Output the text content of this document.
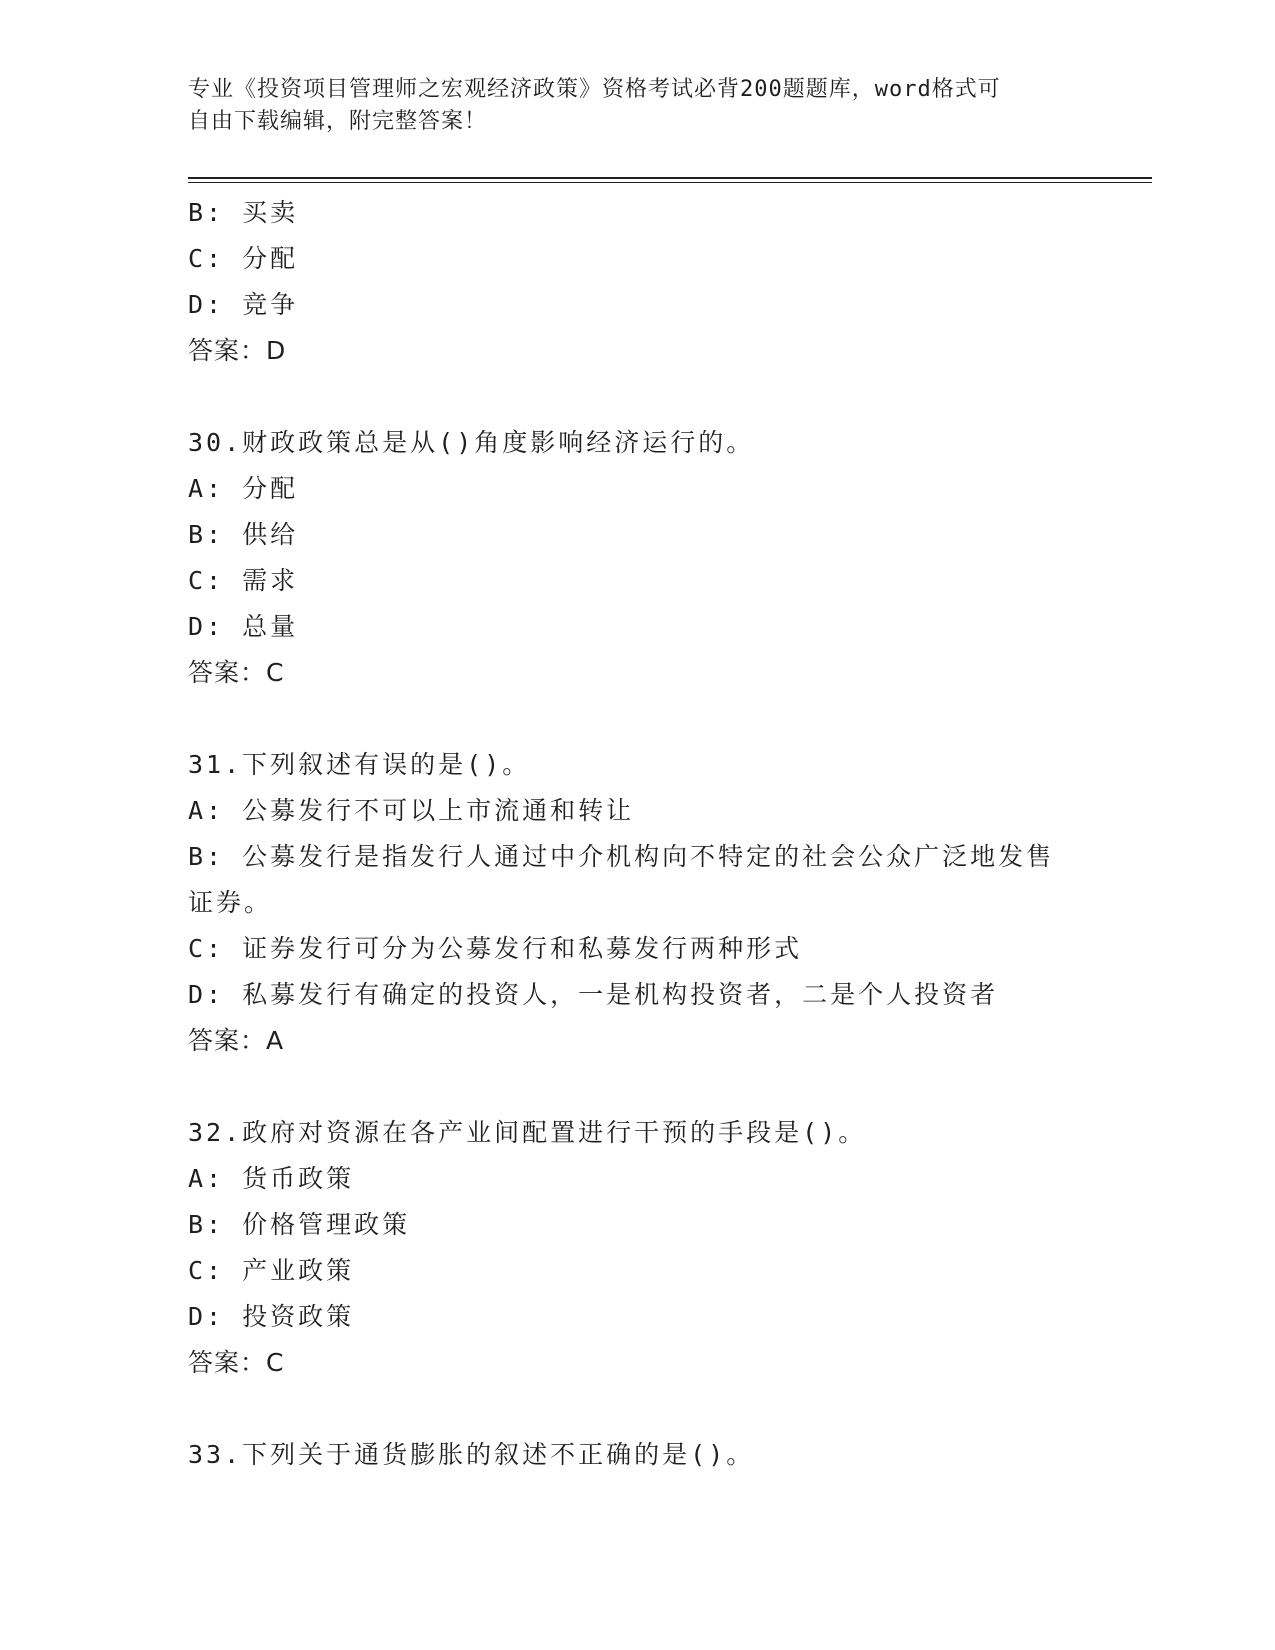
专业《投资项目管理师之宏观经济政策》资格考试必背200题题库，word格式可
自由下载编辑，附完整答案！
B: 买卖
C: 分配
D: 竞争
答案：D
30.财政政策总是从()角度影响经济运行的。
A: 分配
B: 供给
C: 需求
D: 总量
答案：C
31.下列叙述有误的是()。
A: 公募发行不可以上市流通和转让
B: 公募发行是指发行人通过中介机构向不特定的社会公众广泛地发售
证券。
C: 证券发行可分为公募发行和私募发行两种形式
D: 私募发行有确定的投资人，一是机构投资者，二是个人投资者
答案：A
32.政府对资源在各产业间配置进行干预的手段是()。
A: 货币政策
B: 价格管理政策
C: 产业政策
D: 投资政策
答案：C
33.下列关于通货膨胀的叙述不正确的是()。
